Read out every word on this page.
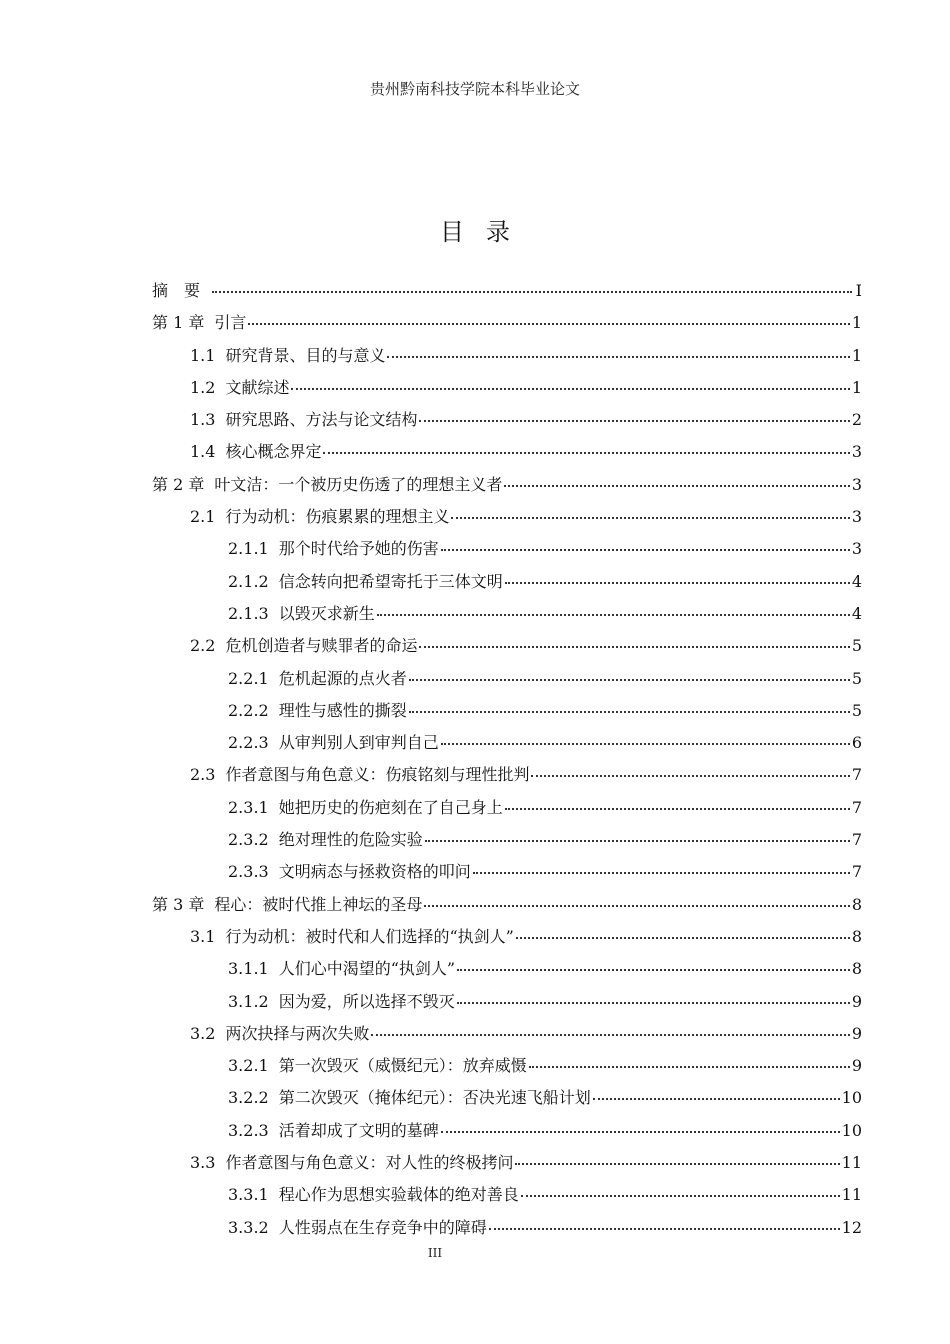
贵州黔南科技学院本科毕业论文
目录
摘　要	I
第 1 章 引言	1
1.1 研究背景、目的与意义	1
1.2 文献综述	1
1.3 研究思路、方法与论文结构	2
1.4 核心概念界定	3
第 2 章 叶文洁：一个被历史伤透了的理想主义者	3
2.1 行为动机：伤痕累累的理想主义	3
2.1.1 那个时代给予她的伤害	3
2.1.2 信念转向把希望寄托于三体文明	4
2.1.3 以毁灭求新生	4
2.2 危机创造者与赎罪者的命运	5
2.2.1 危机起源的点火者	5
2.2.2 理性与感性的撕裂	5
2.2.3 从审判别人到审判自己	6
2.3 作者意图与角色意义：伤痕铭刻与理性批判	7
2.3.1 她把历史的伤疤刻在了自己身上	7
2.3.2 绝对理性的危险实验	7
2.3.3 文明病态与拯救资格的叩问	7
第 3 章 程心：被时代推上神坛的圣母	8
3.1 行为动机：被时代和人们选择的“执剑人”	8
3.1.1 人们心中渴望的“执剑人”	8
3.1.2 因为爱，所以选择不毁灭	9
3.2 两次抉择与两次失败	9
3.2.1 第一次毁灭（威慑纪元）：放弃威慑	9
3.2.2 第二次毁灭（掩体纪元）：否决光速飞船计划	10
3.2.3 活着却成了文明的墓碑	10
3.3 作者意图与角色意义：对人性的终极拷问	11
3.3.1 程心作为思想实验载体的绝对善良	11
3.3.2 人性弱点在生存竞争中的障碍	12
III
